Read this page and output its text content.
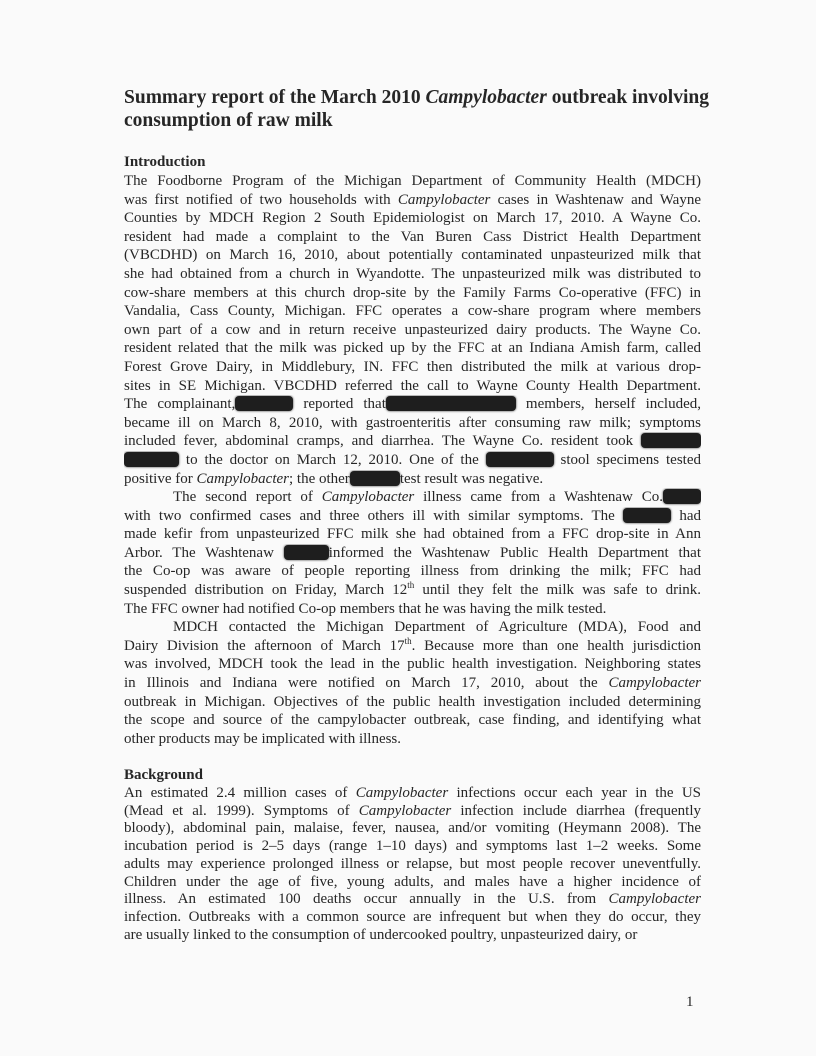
Summary report of the March 2010 Campylobacter outbreak involving
consumption of raw milk
Introduction
The Foodborne Program of the Michigan Department of Community Health (MDCH)
was first notified of two households with Campylobacter cases in Washtenaw and Wayne
Counties by MDCH Region 2 South Epidemiologist on March 17, 2010. A Wayne Co.
resident had made a complaint to the Van Buren Cass District Health Department
(VBCDHD) on March 16, 2010, about potentially contaminated unpasteurized milk that
she had obtained from a church in Wyandotte. The unpasteurized milk was distributed to
cow-share members at this church drop-site by the Family Farms Co-operative (FFC) in
Vandalia, Cass County, Michigan. FFC operates a cow-share program where members
own part of a cow and in return receive unpasteurized dairy products. The Wayne Co.
resident related that the milk was picked up by the FFC at an Indiana Amish farm, called
Forest Grove Dairy, in Middlebury, IN. FFC then distributed the milk at various drop-
sites in SE Michigan. VBCDHD referred the call to Wayne County Health Department.
The complainant,	reported that	members, herself included,
became ill on March 8, 2010, with gastroenteritis after consuming raw milk; symptoms
included fever, abdominal cramps, and diarrhea. The Wayne Co. resident took
to the doctor on March 12, 2010. One of the	stool specimens tested
positive for Campylobacter; the other	test result was negative.
The second report of Campylobacter illness came from a Washtenaw Co.
with two confirmed cases and three others ill with similar symptoms. The	had
made kefir from unpasteurized FFC milk she had obtained from a FFC drop-site in Ann
Arbor. The Washtenaw	informed the Washtenaw Public Health Department that
the Co-op was aware of people reporting illness from drinking the milk; FFC had
suspended distribution on Friday, March 12th until they felt the milk was safe to drink.
The FFC owner had notified Co-op members that he was having the milk tested.
MDCH contacted the Michigan Department of Agriculture (MDA), Food and
Dairy Division the afternoon of March 17th. Because more than one health jurisdiction
was involved, MDCH took the lead in the public health investigation. Neighboring states
in Illinois and Indiana were notified on March 17, 2010, about the Campylobacter
outbreak in Michigan. Objectives of the public health investigation included determining
the scope and source of the campylobacter outbreak, case finding, and identifying what
other products may be implicated with illness.
Background
An estimated 2.4 million cases of Campylobacter infections occur each year in the US
(Mead et al. 1999). Symptoms of Campylobacter infection include diarrhea (frequently
bloody), abdominal pain, malaise, fever, nausea, and/or vomiting (Heymann 2008). The
incubation period is 2–5 days (range 1–10 days) and symptoms last 1–2 weeks. Some
adults may experience prolonged illness or relapse, but most people recover uneventfully.
Children under the age of five, young adults, and males have a higher incidence of
illness. An estimated 100 deaths occur annually in the U.S. from Campylobacter
infection. Outbreaks with a common source are infrequent but when they do occur, they
are usually linked to the consumption of undercooked poultry, unpasteurized dairy, or
1
